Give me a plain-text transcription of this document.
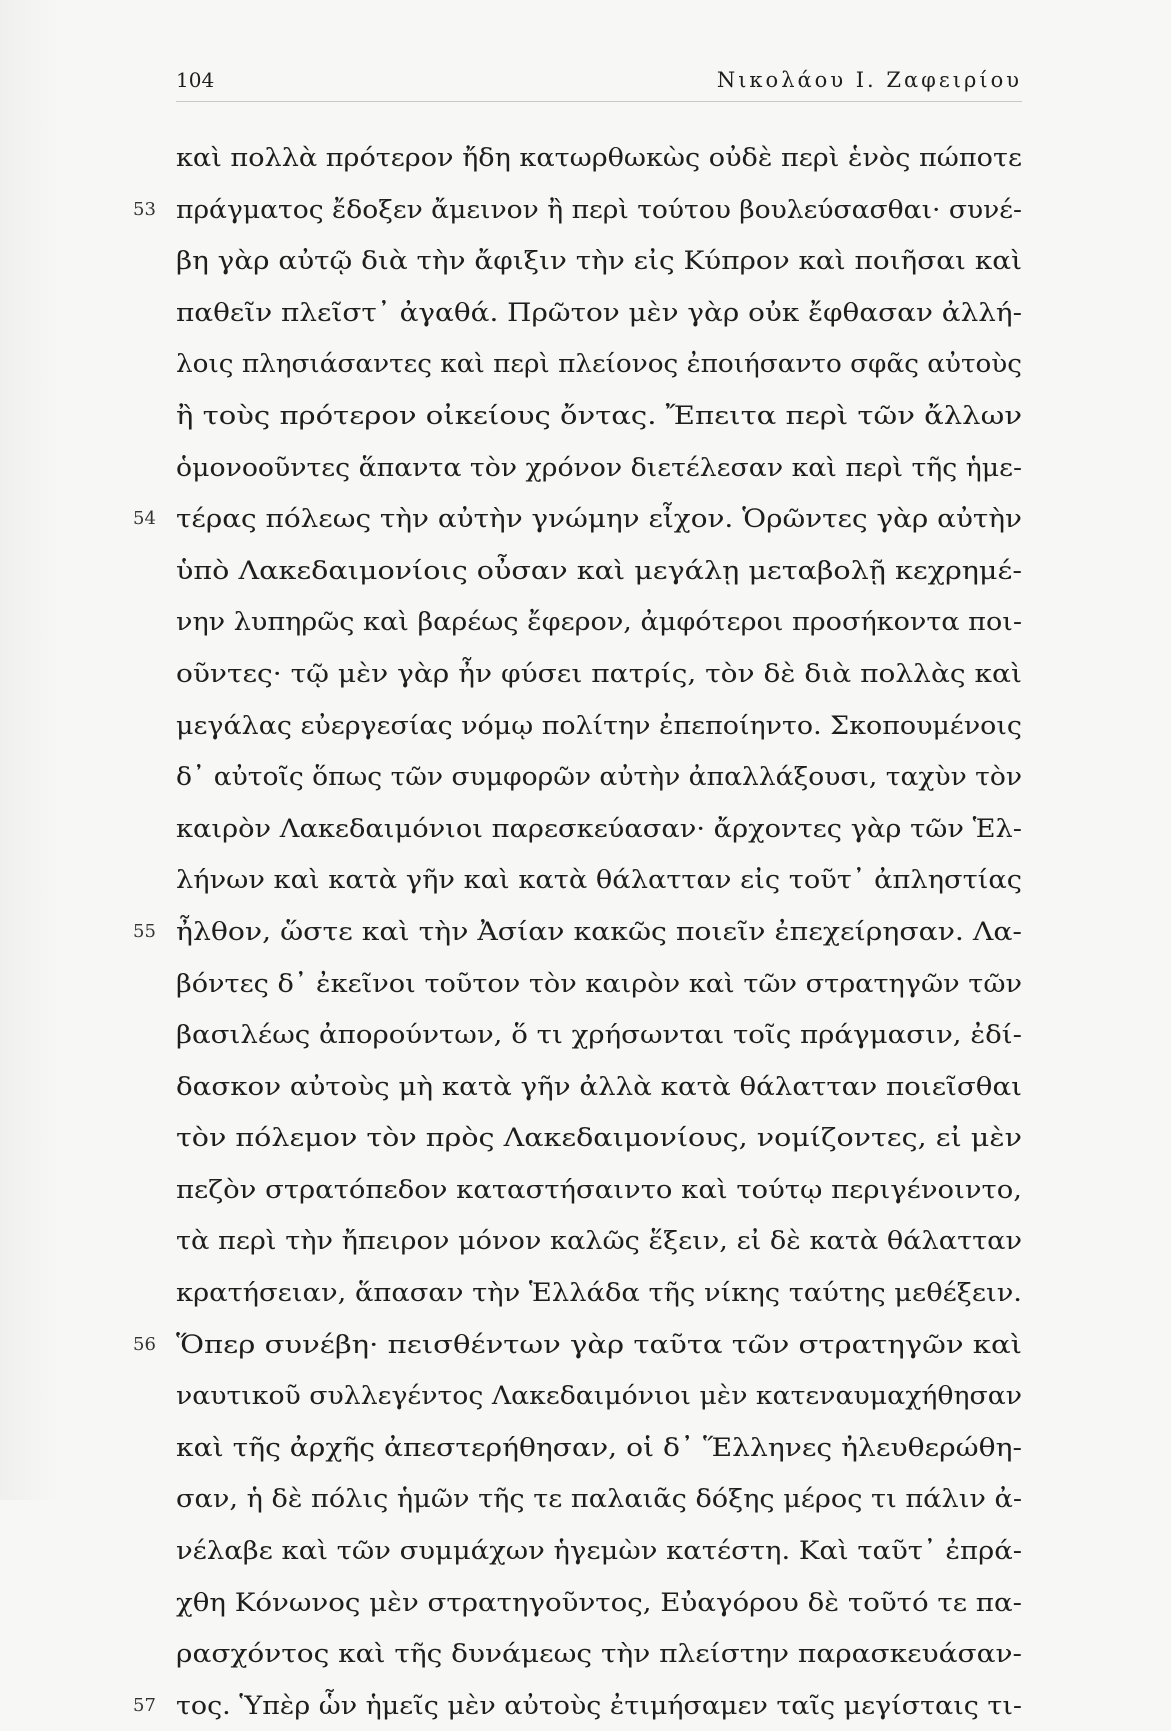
104	Νικολάου Ι. Ζαφειρίου
καὶ πολλὰ πρότερον ἤδη κατωρθωκὼς οὐδὲ περὶ ἑνὸς πώποτε
53 πράγματος ἔδοξεν ἄμεινον ἢ περὶ τούτου βουλεύσασθαι· συνέ-
βη γὰρ αὐτῷ διὰ τὴν ἄφιξιν τὴν εἰς Κύπρον καὶ ποιῆσαι καὶ
παθεῖν πλεῖστ᾽ ἀγαθά. Πρῶτον μὲν γὰρ οὐκ ἔφθασαν ἀλλή-
λοις πλησιάσαντες καὶ περὶ πλείονος ἐποιήσαντο σφᾶς αὐτοὺς
ἢ τοὺς πρότερον οἰκείους ὄντας. Ἔπειτα περὶ τῶν ἄλλων
ὁμονοοῦντες ἅπαντα τὸν χρόνον διετέλεσαν καὶ περὶ τῆς ἡμε-
54 τέρας πόλεως τὴν αὐτὴν γνώμην εἶχον. Ὁρῶντες γὰρ αὐτὴν
ὑπὸ Λακεδαιμονίοις οὖσαν καὶ μεγάλῃ μεταβολῇ κεχρημέ-
νην λυπηρῶς καὶ βαρέως ἔφερον, ἀμφότεροι προσήκοντα ποι-
οῦντες· τῷ μὲν γὰρ ἦν φύσει πατρίς, τὸν δὲ διὰ πολλὰς καὶ
μεγάλας εὐεργεσίας νόμῳ πολίτην ἐπεποίηντο. Σκοπουμένοις
δ᾽ αὐτοῖς ὅπως τῶν συμφορῶν αὐτὴν ἀπαλλάξουσι, ταχὺν τὸν
καιρὸν Λακεδαιμόνιοι παρεσκεύασαν· ἄρχοντες γὰρ τῶν Ἑλ-
λήνων καὶ κατὰ γῆν καὶ κατὰ θάλατταν εἰς τοῦτ᾽ ἀπληστίας
55 ἦλθον, ὥστε καὶ τὴν Ἀσίαν κακῶς ποιεῖν ἐπεχείρησαν. Λα-
βόντες δ᾽ ἐκεῖνοι τοῦτον τὸν καιρὸν καὶ τῶν στρατηγῶν τῶν
βασιλέως ἀπορούντων, ὅ τι χρήσωνται τοῖς πράγμασιν, ἐδί-
δασκον αὐτοὺς μὴ κατὰ γῆν ἀλλὰ κατὰ θάλατταν ποιεῖσθαι
τὸν πόλεμον τὸν πρὸς Λακεδαιμονίους, νομίζοντες, εἰ μὲν
πεζὸν στρατόπεδον καταστήσαιντο καὶ τούτῳ περιγένοιντο,
τὰ περὶ τὴν ἤπειρον μόνον καλῶς ἕξειν, εἰ δὲ κατὰ θάλατταν
κρατήσειαν, ἅπασαν τὴν Ἑλλάδα τῆς νίκης ταύτης μεθέξειν.
56 Ὅπερ συνέβη· πεισθέντων γὰρ ταῦτα τῶν στρατηγῶν καὶ
ναυτικοῦ συλλεγέντος Λακεδαιμόνιοι μὲν κατεναυμαχήθησαν
καὶ τῆς ἀρχῆς ἀπεστερήθησαν, οἱ δ᾽ Ἕλληνες ἠλευθερώθη-
σαν, ἡ δὲ πόλις ἡμῶν τῆς τε παλαιᾶς δόξης μέρος τι πάλιν ἀ-
νέλαβε καὶ τῶν συμμάχων ἡγεμὼν κατέστη. Καὶ ταῦτ᾽ ἐπρά-
χθη Κόνωνος μὲν στρατηγοῦντος, Εὐαγόρου δὲ τοῦτό τε πα-
ρασχόντος καὶ τῆς δυνάμεως τὴν πλείστην παρασκευάσαν-
57 τος. Ὑπὲρ ὧν ἡμεῖς μὲν αὐτοὺς ἐτιμήσαμεν ταῖς μεγίσταις τι-
